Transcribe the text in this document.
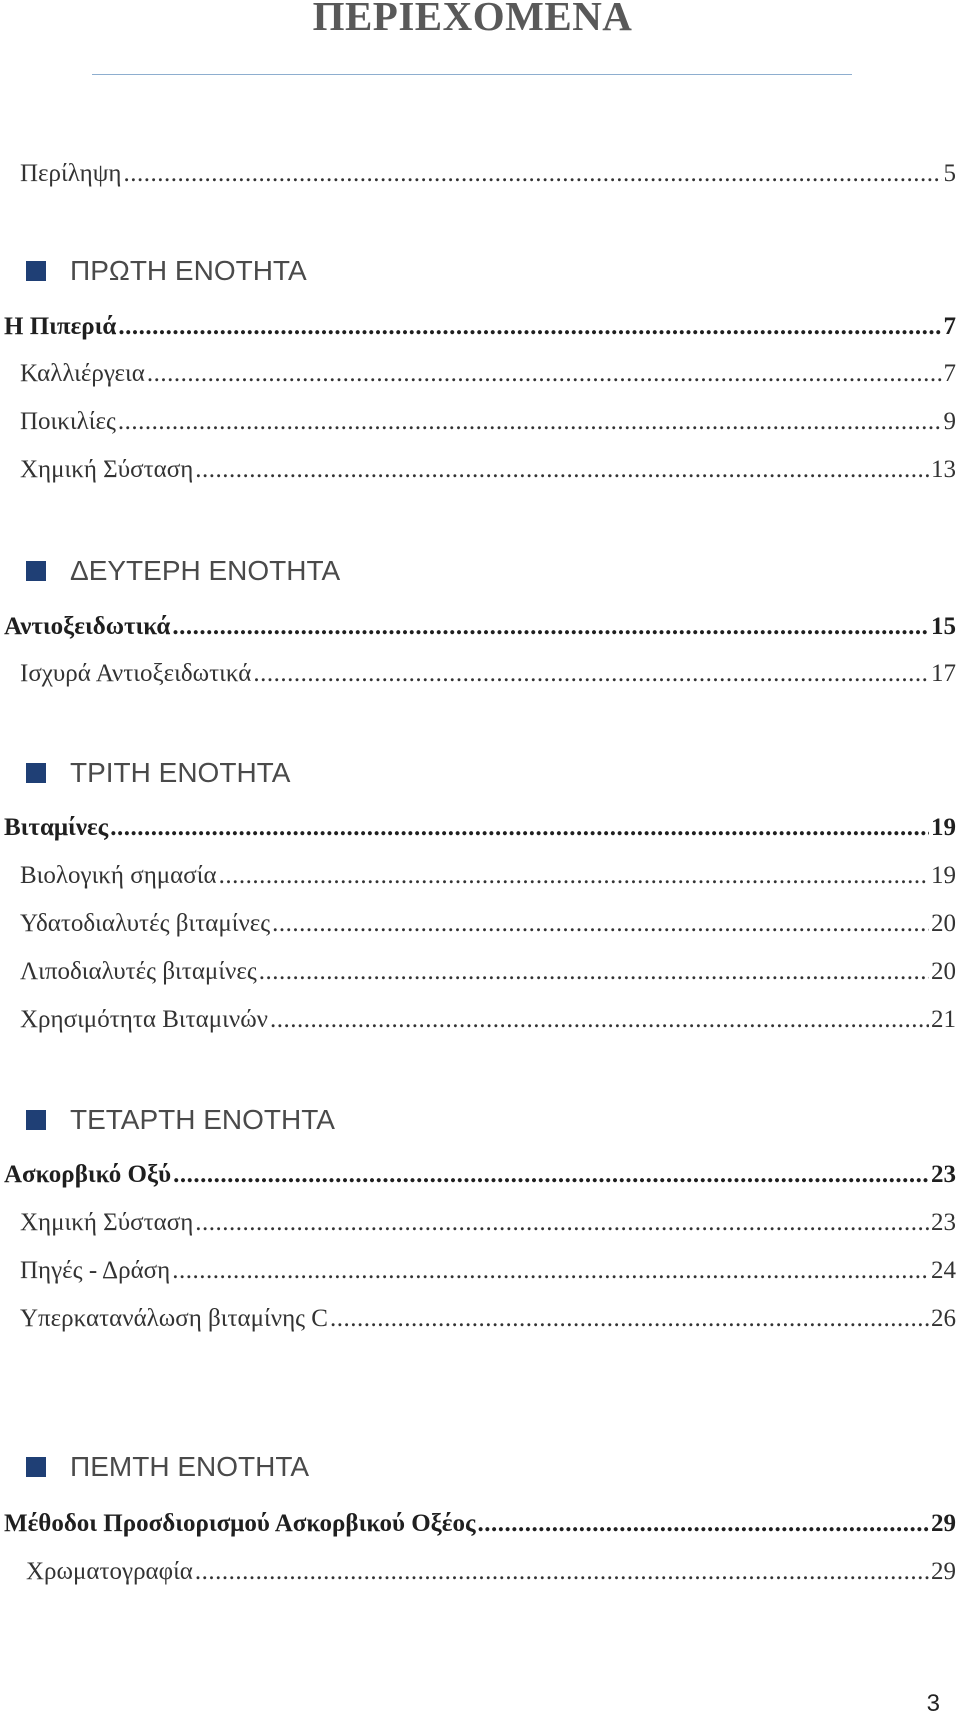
ΠΕΡΙΕΧΟΜΕΝΑ
Περίληψη .....	5
ΠΡΩΤΗ ΕΝΟΤΗΤΑ
Η Πιπεριά .....	7
Καλλιέργεια .....	7
Ποικιλίες .....	9
Χημική Σύσταση .....	13
ΔΕΥΤΕΡΗ ΕΝΟΤΗΤΑ
Αντιοξειδωτικά .....	15
Ισχυρά Αντιοξειδωτικά .....	17
ΤΡΙΤΗ ΕΝΟΤΗΤΑ
Βιταμίνες .....	19
Βιολογική σημασία .....	19
Υδατοδιαλυτές βιταμίνες .....	20
Λιποδιαλυτές βιταμίνες .....	20
Χρησιμότητα Βιταμινών .....	21
ΤΕΤΑΡΤΗ ΕΝΟΤΗΤΑ
Ασκορβικό Οξύ .....	23
Χημική Σύσταση .....	23
Πηγές - Δράση .....	24
Υπερκατανάλωση βιταμίνης C .....	26
ΠΕΜΤΗ ΕΝΟΤΗΤΑ
Μέθοδοι Προσδιορισμού Ασκορβικού Οξέος .....	29
Χρωματογραφία .....	29
3
